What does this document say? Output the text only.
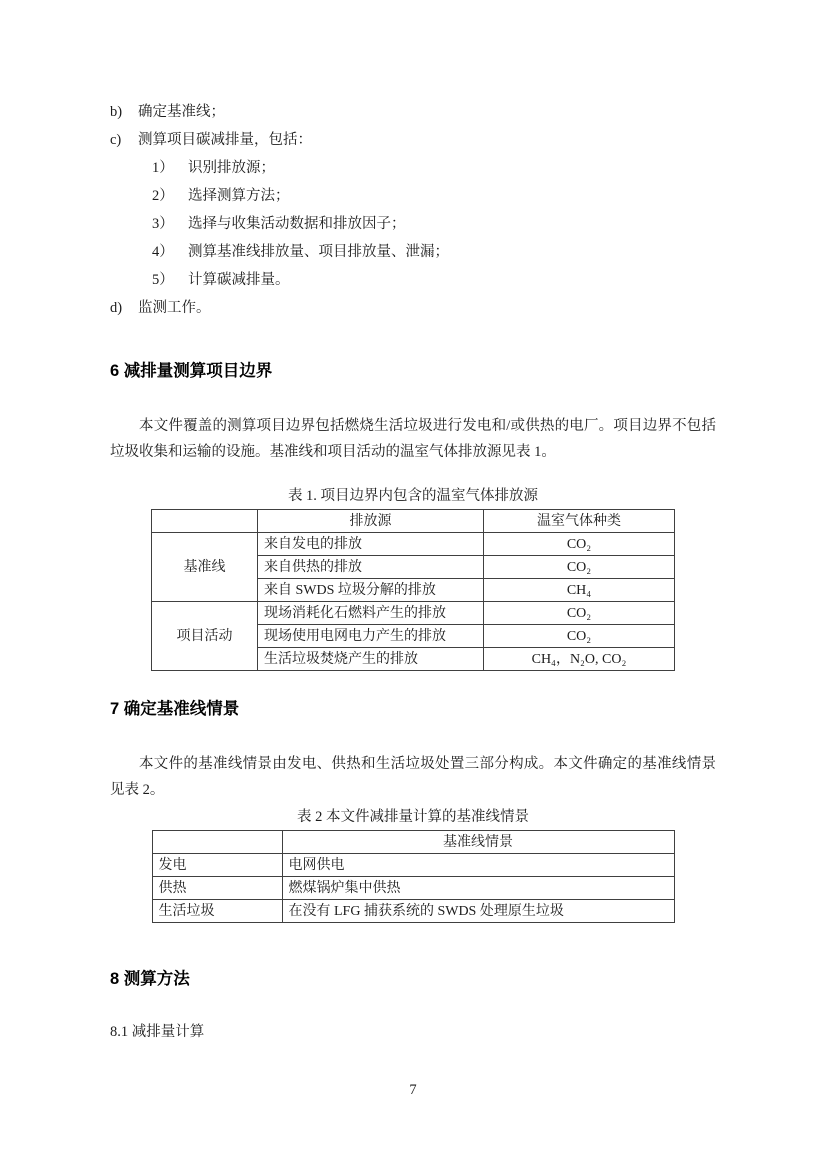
b)	确定基准线；
c)	测算项目碳减排量，包括：
1） 识别排放源；
2） 选择测算方法；
3） 选择与收集活动数据和排放因子；
4） 测算基准线排放量、项目排放量、泄漏；
5） 计算碳减排量。
d)	监测工作。
6 减排量测算项目边界

本文件覆盖的测算项目边界包括燃烧生活垃圾进行发电和/或供热的电厂。项目边界不包括垃圾收集和运输的设施。基准线和项目活动的温室气体排放源见表 1。

表 1. 项目边界内包含的温室气体排放源
	排放源	温室气体种类
基准线	来自发电的排放	CO₂
	来自供热的排放	CO₂
	来自 SWDS 垃圾分解的排放	CH₄
项目活动	现场消耗化石燃料产生的排放	CO₂
	现场使用电网电力产生的排放	CO₂
	生活垃圾焚烧产生的排放	CH₄，N₂O, CO₂
7 确定基准线情景

本文件的基准线情景由发电、供热和生活垃圾处置三部分构成。本文件确定的基准线情景见表 2。

表 2 本文件减排量计算的基准线情景
	基准线情景
发电	电网供电
供热	燃煤锅炉集中供热
生活垃圾	在没有 LFG 捕获系统的 SWDS 处理原生垃圾
8 测算方法
8.1 减排量计算
7
